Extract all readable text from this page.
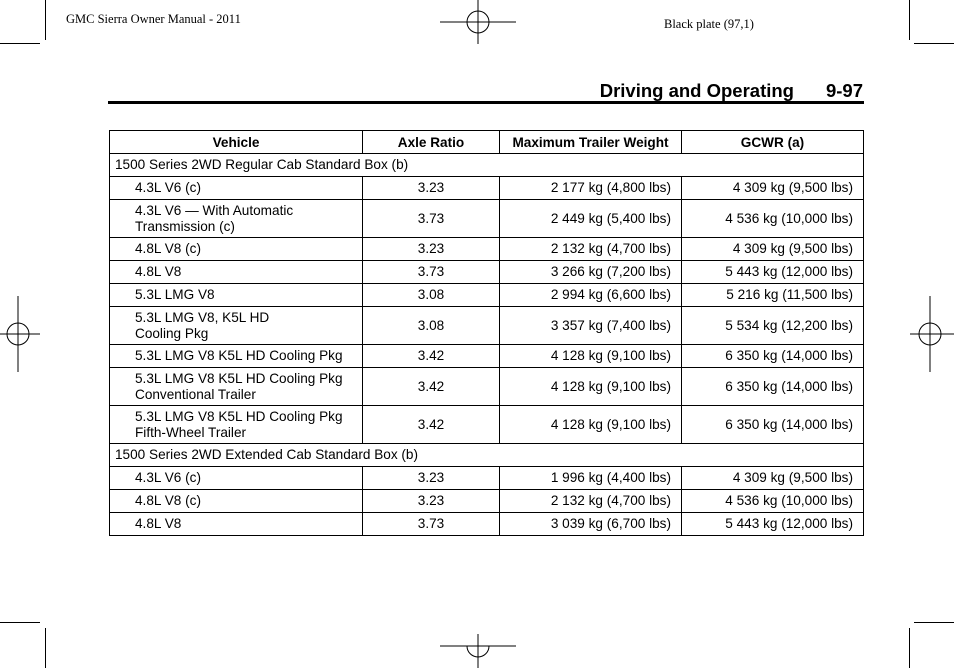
GMC Sierra Owner Manual - 2011	Black plate (97,1)
Driving and Operating 9-97
Vehicle	Axle Ratio	Maximum Trailer Weight	GCWR (a)
1500 Series 2WD Regular Cab Standard Box (b)			

4.3L V6 (c)	3.23	2 177 kg (4,800 lbs)	4 309 kg (9,500 lbs)

4.3L V6 — With Automatic
Transmission (c)	3.73	2 449 kg (5,400 lbs)	4 536 kg (10,000 lbs)

4.8L V8 (c)	3.23	2 132 kg (4,700 lbs)	4 309 kg (9,500 lbs)

4.8L V8	3.73	3 266 kg (7,200 lbs)	5 443 kg (12,000 lbs)

5.3L LMG V8	3.08	2 994 kg (6,600 lbs)	5 216 kg (11,500 lbs)

5.3L LMG V8, K5L HD
Cooling Pkg	3.08	3 357 kg (7,400 lbs)	5 534 kg (12,200 lbs)

5.3L LMG V8 K5L HD Cooling Pkg	3.42	4 128 kg (9,100 lbs)	6 350 kg (14,000 lbs)

5.3L LMG V8 K5L HD Cooling Pkg
Conventional Trailer	3.42	4 128 kg (9,100 lbs)	6 350 kg (14,000 lbs)

5.3L LMG V8 K5L HD Cooling Pkg
Fifth-Wheel Trailer	3.42	4 128 kg (9,100 lbs)	6 350 kg (14,000 lbs)
1500 Series 2WD Extended Cab Standard Box (b)			

4.3L V6 (c)	3.23	1 996 kg (4,400 lbs)	4 309 kg (9,500 lbs)

4.8L V8 (c)	3.23	2 132 kg (4,700 lbs)	4 536 kg (10,000 lbs)

4.8L V8	3.73	3 039 kg (6,700 lbs)	5 443 kg (12,000 lbs)
